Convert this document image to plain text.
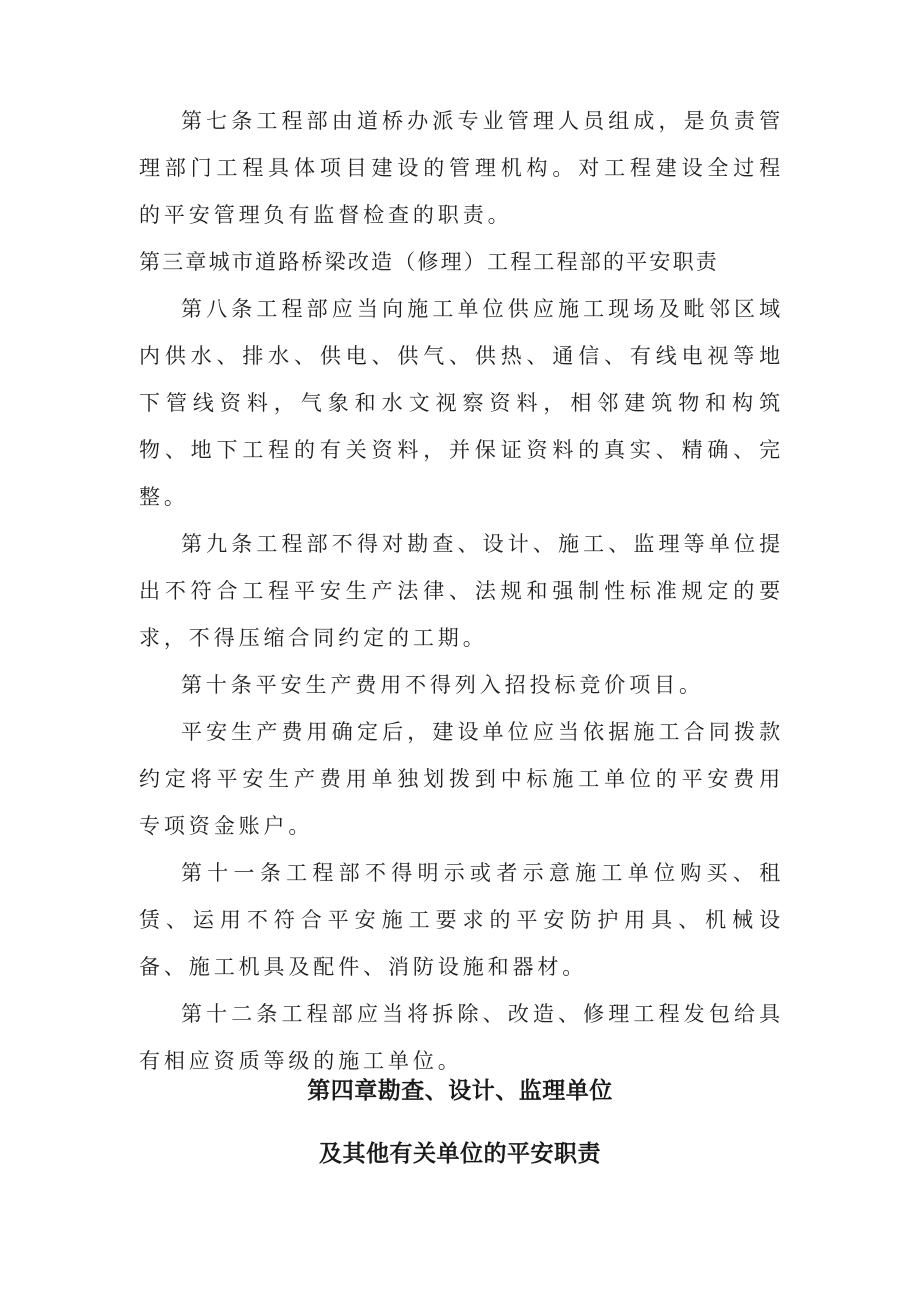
第七条工程部由道桥办派专业管理人员组成，是负责管理部门工程具体项目建设的管理机构。对工程建设全过程的平安管理负有监督检查的职责。

第三章城市道路桥梁改造（修理）工程工程部的平安职责

第八条工程部应当向施工单位供应施工现场及毗邻区域内供水、排水、供电、供气、供热、通信、有线电视等地下管线资料，气象和水文视察资料，相邻建筑物和构筑物、地下工程的有关资料，并保证资料的真实、精确、完整。

第九条工程部不得对勘查、设计、施工、监理等单位提出不符合工程平安生产法律、法规和强制性标准规定的要求，不得压缩合同约定的工期。

第十条平安生产费用不得列入招投标竞价项目。

平安生产费用确定后，建设单位应当依据施工合同拨款约定将平安生产费用单独划拨到中标施工单位的平安费用专项资金账户。

第十一条工程部不得明示或者示意施工单位购买、租赁、运用不符合平安施工要求的平安防护用具、机械设备、施工机具及配件、消防设施和器材。

第十二条工程部应当将拆除、改造、修理工程发包给具有相应资质等级的施工单位。

第四章勘查、设计、监理单位
及其他有关单位的平安职责
